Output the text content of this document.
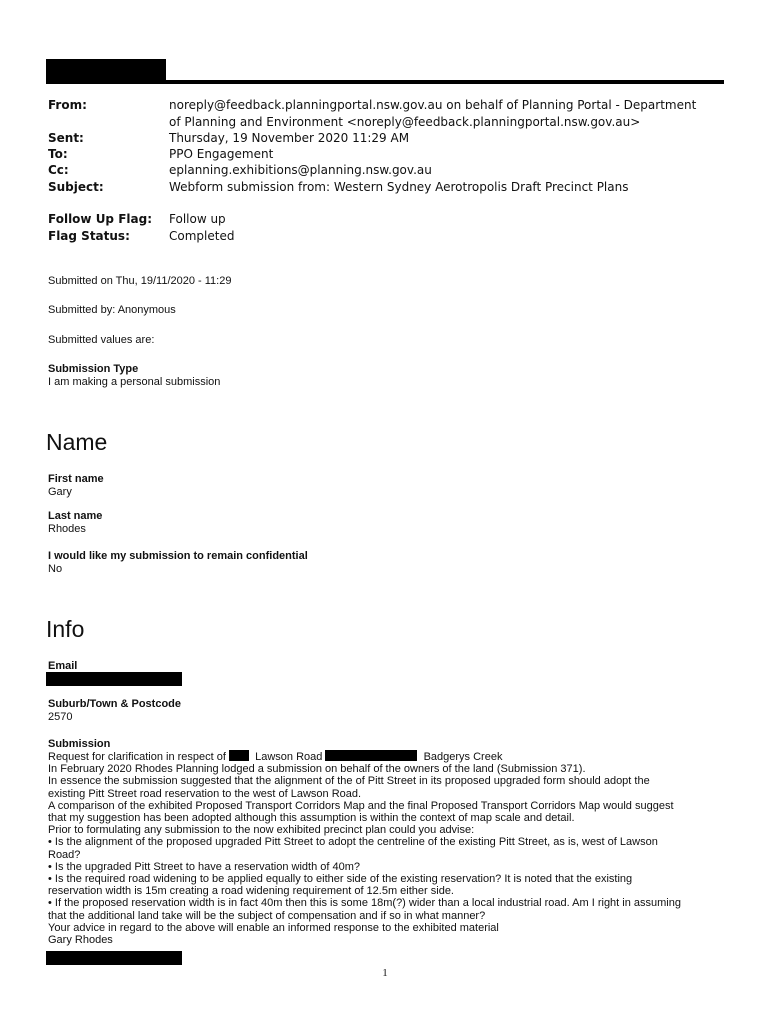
From:	noreply@feedback.planningportal.nsw.gov.au on behalf of Planning Portal - Department of Planning and Environment <noreply@feedback.planningportal.nsw.gov.au>
Sent:	Thursday, 19 November 2020 11:29 AM
To:	PPO Engagement
Cc:	eplanning.exhibitions@planning.nsw.gov.au
Subject:	Webform submission from: Western Sydney Aerotropolis Draft Precinct Plans
Follow Up Flag: Follow up
Flag Status:	Completed
Submitted on Thu, 19/11/2020 - 11:29
Submitted by: Anonymous
Submitted values are:
Submission Type
I am making a personal submission
Name
First name
Gary
Last name
Rhodes
I would like my submission to remain confidential
No
Info
Email
Suburb/Town & Postcode
2570
Submission
Request for clarification in respect of	Lawson Road	Badgerys Creek
In February 2020 Rhodes Planning lodged a submission on behalf of the owners of the land (Submission 371).
In essence the submission suggested that the alignment of the of Pitt Street in its proposed upgraded form should adopt the
existing Pitt Street road reservation to the west of Lawson Road.
A comparison of the exhibited Proposed Transport Corridors Map and the final Proposed Transport Corridors Map would suggest
that my suggestion has been adopted although this assumption is within the context of map scale and detail.
Prior to formulating any submission to the now exhibited precinct plan could you advise:
• Is the alignment of the proposed upgraded Pitt Street to adopt the centreline of the existing Pitt Street, as is, west of Lawson
Road?
• Is the upgraded Pitt Street to have a reservation width of 40m?
• Is the required road widening to be applied equally to either side of the existing reservation? It is noted that the existing
reservation width is 15m creating a road widening requirement of 12.5m either side.
• If the proposed reservation width is in fact 40m then this is some 18m(?) wider than a local industrial road. Am I right in assuming
that the additional land take will be the subject of compensation and if so in what manner?
Your advice in regard to the above will enable an informed response to the exhibited material
Gary Rhodes
1
